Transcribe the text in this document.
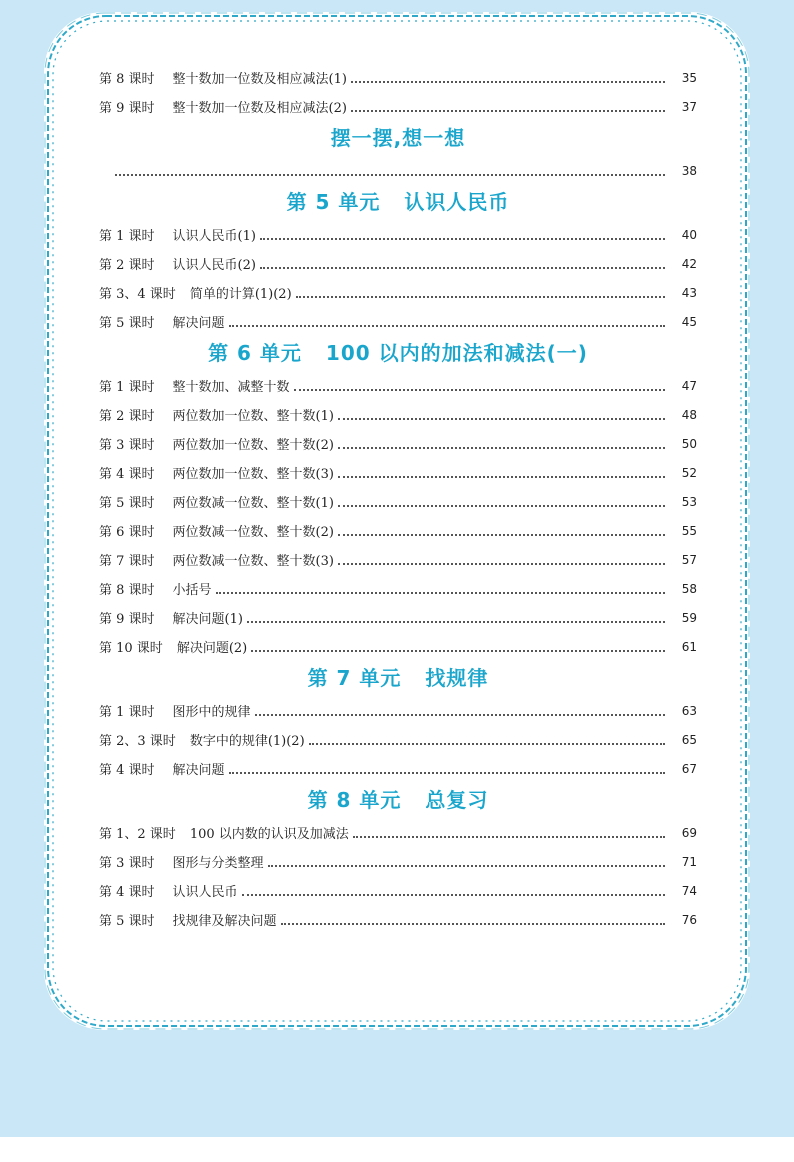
第 8 课时 整十数加一位数及相应减法(1)	35
第 9 课时 整十数加一位数及相应减法(2)	37
摆一摆,想一想
38
第 5 单元 认识人民币
第 1 课时 认识人民币(1)	40
第 2 课时 认识人民币(2)	42
第 3、4 课时 简单的计算(1)(2)	43
第 5 课时 解决问题	45
第 6 单元 100 以内的加法和减法(一)
第 1 课时 整十数加、减整十数	47
第 2 课时 两位数加一位数、整十数(1)	48
第 3 课时 两位数加一位数、整十数(2)	50
第 4 课时 两位数加一位数、整十数(3)	52
第 5 课时 两位数减一位数、整十数(1)	53
第 6 课时 两位数减一位数、整十数(2)	55
第 7 课时 两位数减一位数、整十数(3)	57
第 8 课时 小括号	58
第 9 课时 解决问题(1)	59
第 10 课时 解决问题(2)	61
第 7 单元 找规律
第 1 课时 图形中的规律	63
第 2、3 课时 数字中的规律(1)(2)	65
第 4 课时 解决问题	67
第 8 单元 总复习
第 1、2 课时 100 以内数的认识及加减法	69
第 3 课时 图形与分类整理	71
第 4 课时 认识人民币	74
第 5 课时 找规律及解决问题	76
